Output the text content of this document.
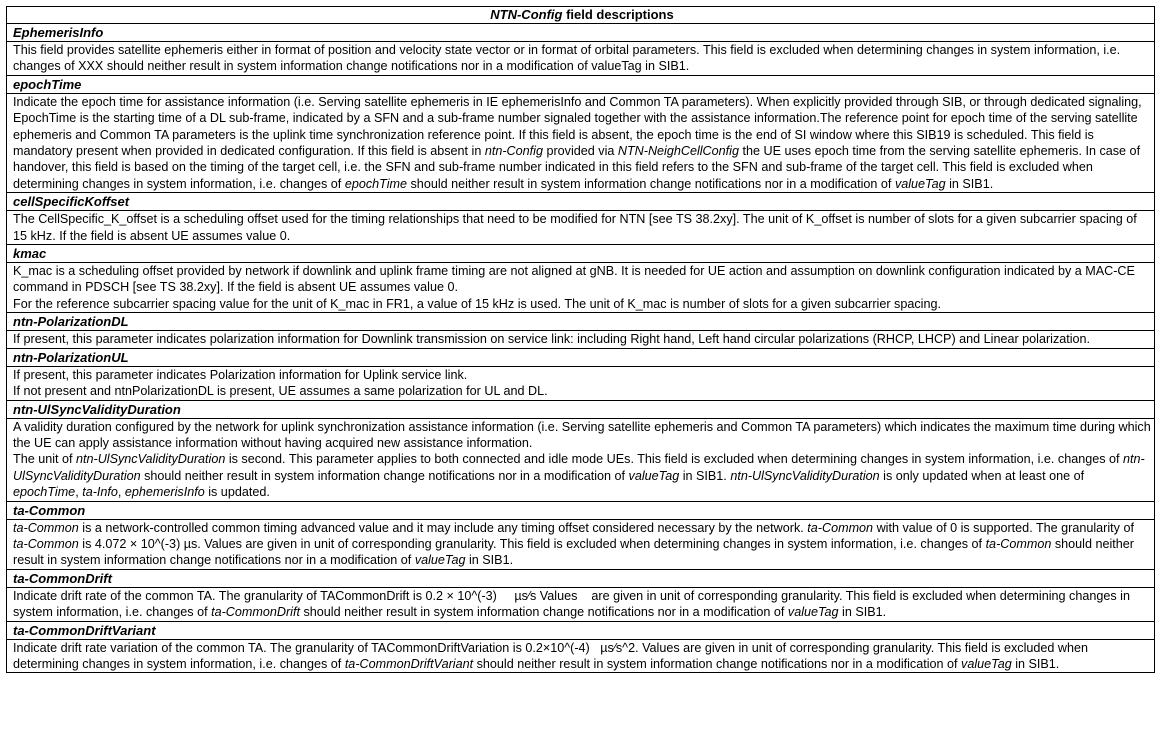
NTN-Config field descriptions
EphemerisInfo

This field provides satellite ephemeris either in format of position and velocity state vector or in format of orbital parameters. This field is excluded when determining changes in system information, i.e. changes of XXX should neither result in system information change notifications nor in a modification of valueTag in SIB1.

epochTime

Indicate the epoch time for assistance information (i.e. Serving satellite ephemeris in IE ephemerisInfo and Common TA parameters). When explicitly provided through SIB, or through dedicated signaling, EpochTime is the starting time of a DL sub-frame, indicated by a SFN and a sub-frame number signaled together with the assistance information.The reference point for epoch time of the serving satellite ephemeris and Common TA parameters is the uplink time synchronization reference point. If this field is absent, the epoch time is the end of SI window where this SIB19 is scheduled. This field is mandatory present when provided in dedicated configuration. If this field is absent in ntn-Config provided via NTN-NeighCellConfig the UE uses epoch time from the serving satellite ephemeris. In case of handover, this field is based on the timing of the target cell, i.e. the SFN and sub-frame number indicated in this field refers to the SFN and sub-frame of the target cell. This field is excluded when determining changes in system information, i.e. changes of epochTime should neither result in system information change notifications nor in a modification of valueTag in SIB1.

cellSpecificKoffset

The CellSpecific_K_offset is a scheduling offset used for the timing relationships that need to be modified for NTN [see TS 38.2xy]. The unit of K_offset is number of slots for a given subcarrier spacing of 15 kHz. If the field is absent UE assumes value 0.

kmac

K_mac is a scheduling offset provided by network if downlink and uplink frame timing are not aligned at gNB. It is needed for UE action and assumption on downlink configuration indicated by a MAC-CE command in PDSCH [see TS 38.2xy]. If the field is absent UE assumes value 0.

For the reference subcarrier spacing value for the unit of K_mac in FR1, a value of 15 kHz is used. The unit of K_mac is number of slots for a given subcarrier spacing.

ntn-PolarizationDL

If present, this parameter indicates polarization information for Downlink transmission on service link: including Right hand, Left hand circular polarizations (RHCP, LHCP) and Linear polarization.

ntn-PolarizationUL

If present, this parameter indicates Polarization information for Uplink service link.

If not present and ntnPolarizationDL is present, UE assumes a same polarization for UL and DL.

ntn-UlSyncValidityDuration

A validity duration configured by the network for uplink synchronization assistance information (i.e. Serving satellite ephemeris and Common TA parameters) which indicates the maximum time during which the UE can apply assistance information without having acquired new assistance information.

The unit of ntn-UlSyncValidityDuration is second. This parameter applies to both connected and idle mode UEs. This field is excluded when determining changes in system information, i.e. changes of ntn-UlSyncValidityDuration should neither result in system information change notifications nor in a modification of valueTag in SIB1. ntn-UlSyncValidityDuration is only updated when at least one of epochTime, ta-Info, ephemerisInfo is updated.

ta-Common

ta-Common is a network-controlled common timing advanced value and it may include any timing offset considered necessary by the network. ta-Common with value of 0 is supported. The granularity of ta-Common is 4.072 × 10^(-3) µs. Values are given in unit of corresponding granularity. This field is excluded when determining changes in system information, i.e. changes of ta-Common should neither result in system information change notifications nor in a modification of valueTag in SIB1.

ta-CommonDrift

Indicate drift rate of the common TA. The granularity of TACommonDrift is 0.2 × 10^(-3)     µs⁄s Values    are given in unit of corresponding granularity. This field is excluded when determining changes in system information, i.e. changes of ta-CommonDrift should neither result in system information change notifications nor in a modification of valueTag in SIB1.

ta-CommonDriftVariant

Indicate drift rate variation of the common TA. The granularity of TACommonDriftVariation is 0.2×10^(-4)   µs⁄s^2. Values are given in unit of corresponding granularity. This field is excluded when determining changes in system information, i.e. changes of ta-CommonDriftVariant should neither result in system information change notifications nor in a modification of valueTag in SIB1.
